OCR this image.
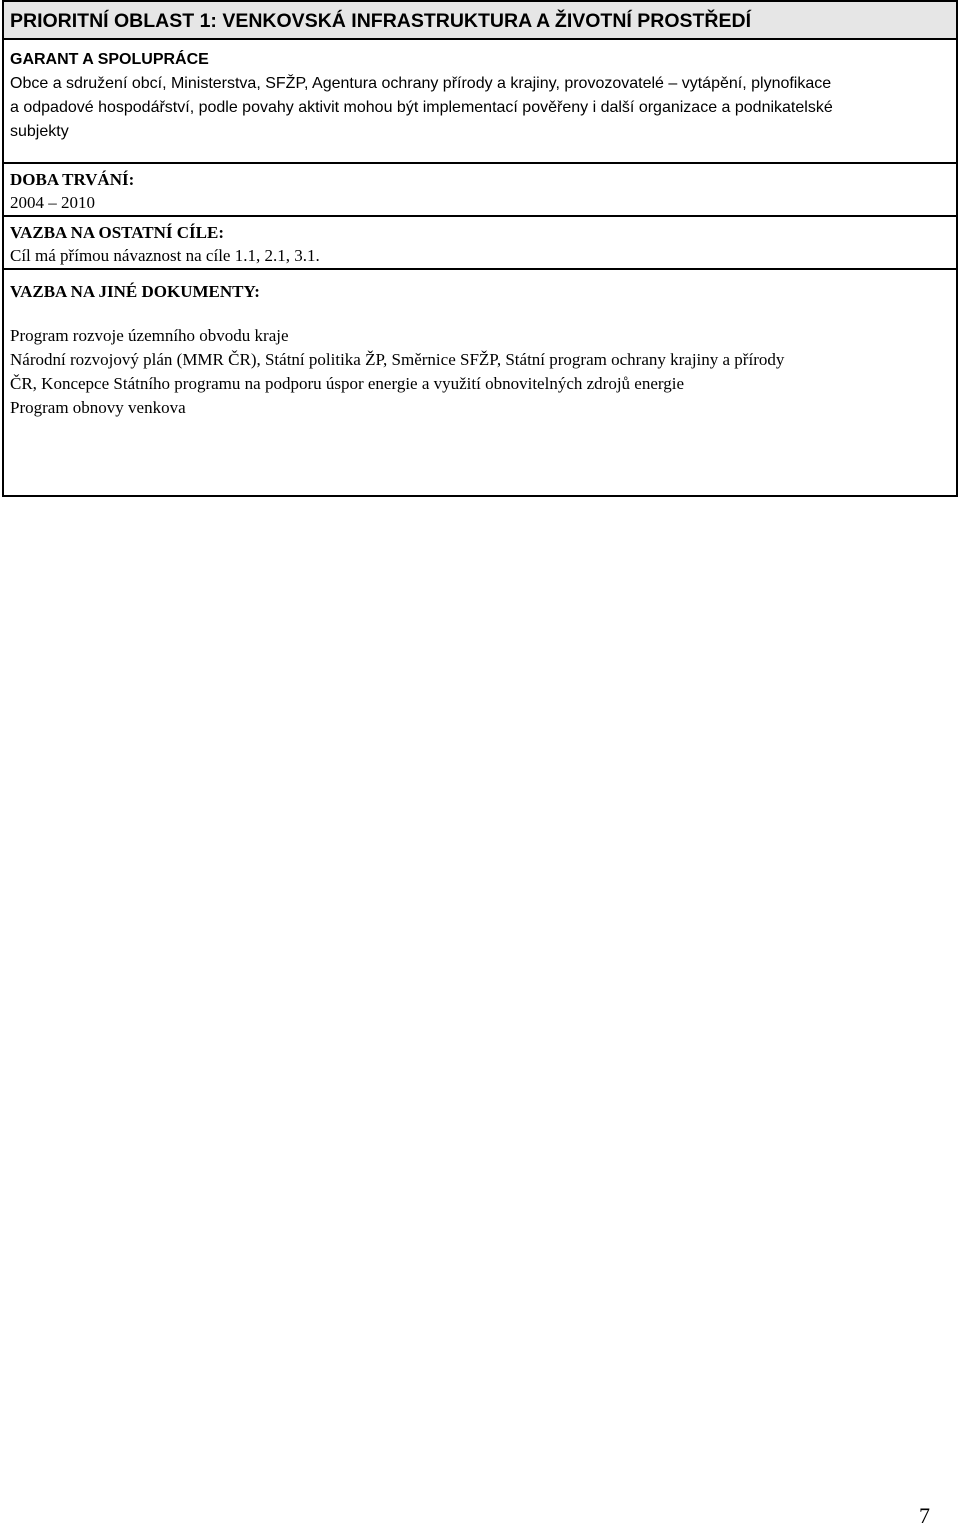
PRIORITNÍ OBLAST 1: VENKOVSKÁ INFRASTRUKTURA A ŽIVOTNÍ PROSTŘEDÍ
GARANT A SPOLUPRÁCE
Obce a sdružení obcí, Ministerstva, SFŽP, Agentura ochrany přírody a krajiny, provozovatelé – vytápění, plynofikace
a odpadové hospodářství, podle povahy aktivit mohou být implementací pověřeny i další organizace a podnikatelské
subjekty
DOBA TRVÁNÍ:
2004 – 2010
VAZBA NA OSTATNÍ CÍLE:
Cíl má přímou návaznost na cíle 1.1, 2.1, 3.1.
VAZBA NA JINÉ DOKUMENTY:
Program rozvoje územního obvodu kraje
Národní rozvojový plán (MMR ČR), Státní politika ŽP, Směrnice SFŽP, Státní program ochrany krajiny a přírody
ČR, Koncepce Státního programu na podporu úspor energie a využití obnovitelných zdrojů energie
Program obnovy venkova
7
